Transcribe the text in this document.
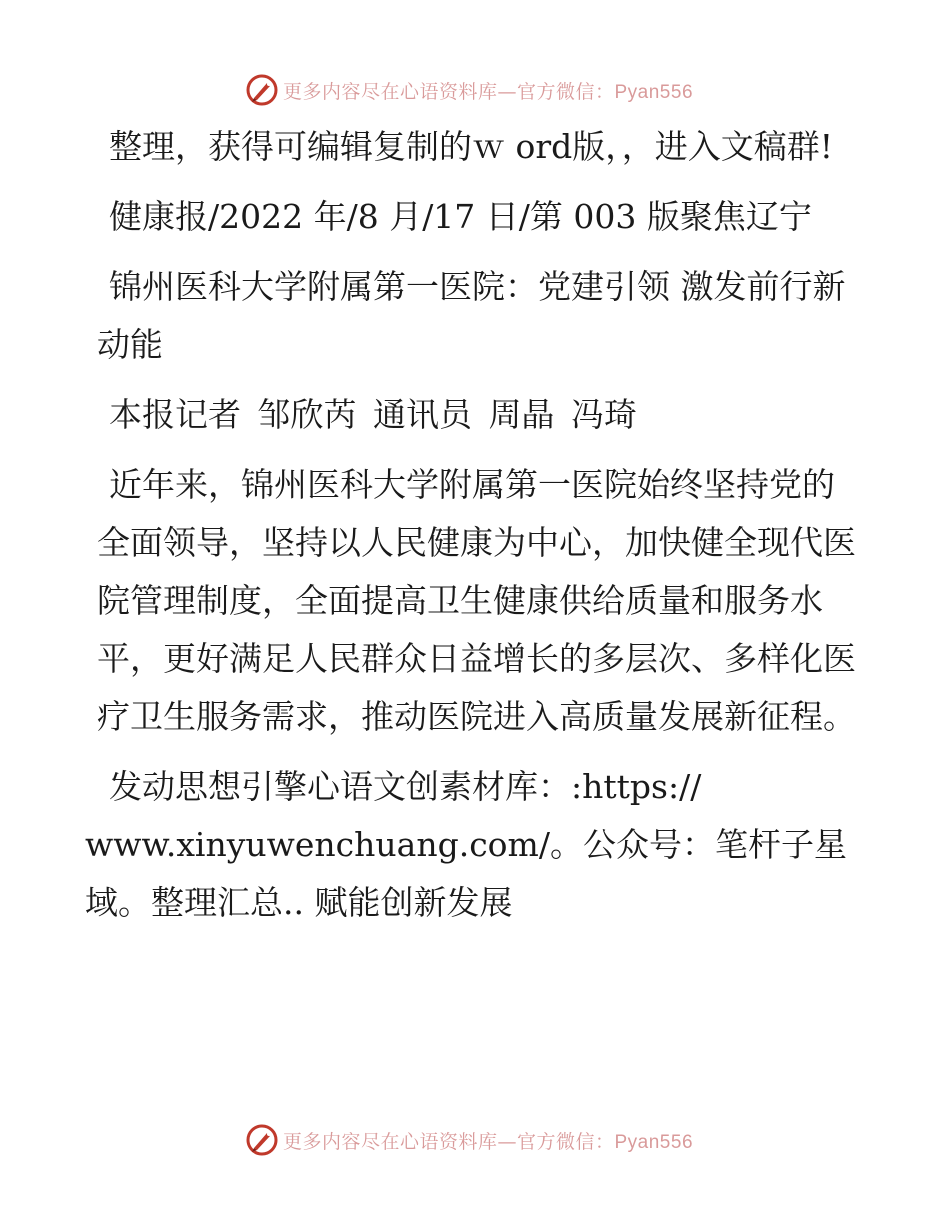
更多内容尽在心语资料库—官方微信：Pyan556

整理，获得可编辑复制的ｗ ord版，，进入文稿群!

健康报/2022 年/8 月/17 日/第 003 版聚焦辽宁

锦州医科大学附属第一医院：党建引领 激发前行新动能

本报记者 邹欣芮 通讯员 周晶 冯琦

近年来，锦州医科大学附属第一医院始终坚持党的全面领导，坚持以人民健康为中心，加快健全现代医院管理制度，全面提高卫生健康供给质量和服务水平，更好满足人民群众日益增长的多层次、多样化医疗卫生服务需求，推动医院进入高质量发展新征程。

发动思想引擎心语文创素材库：:https://
www.xinyuwenchuang.com/。公众号：笔杆子星域。整理汇总.. 赋能创新发展

更多内容尽在心语资料库—官方微信：Pyan556
